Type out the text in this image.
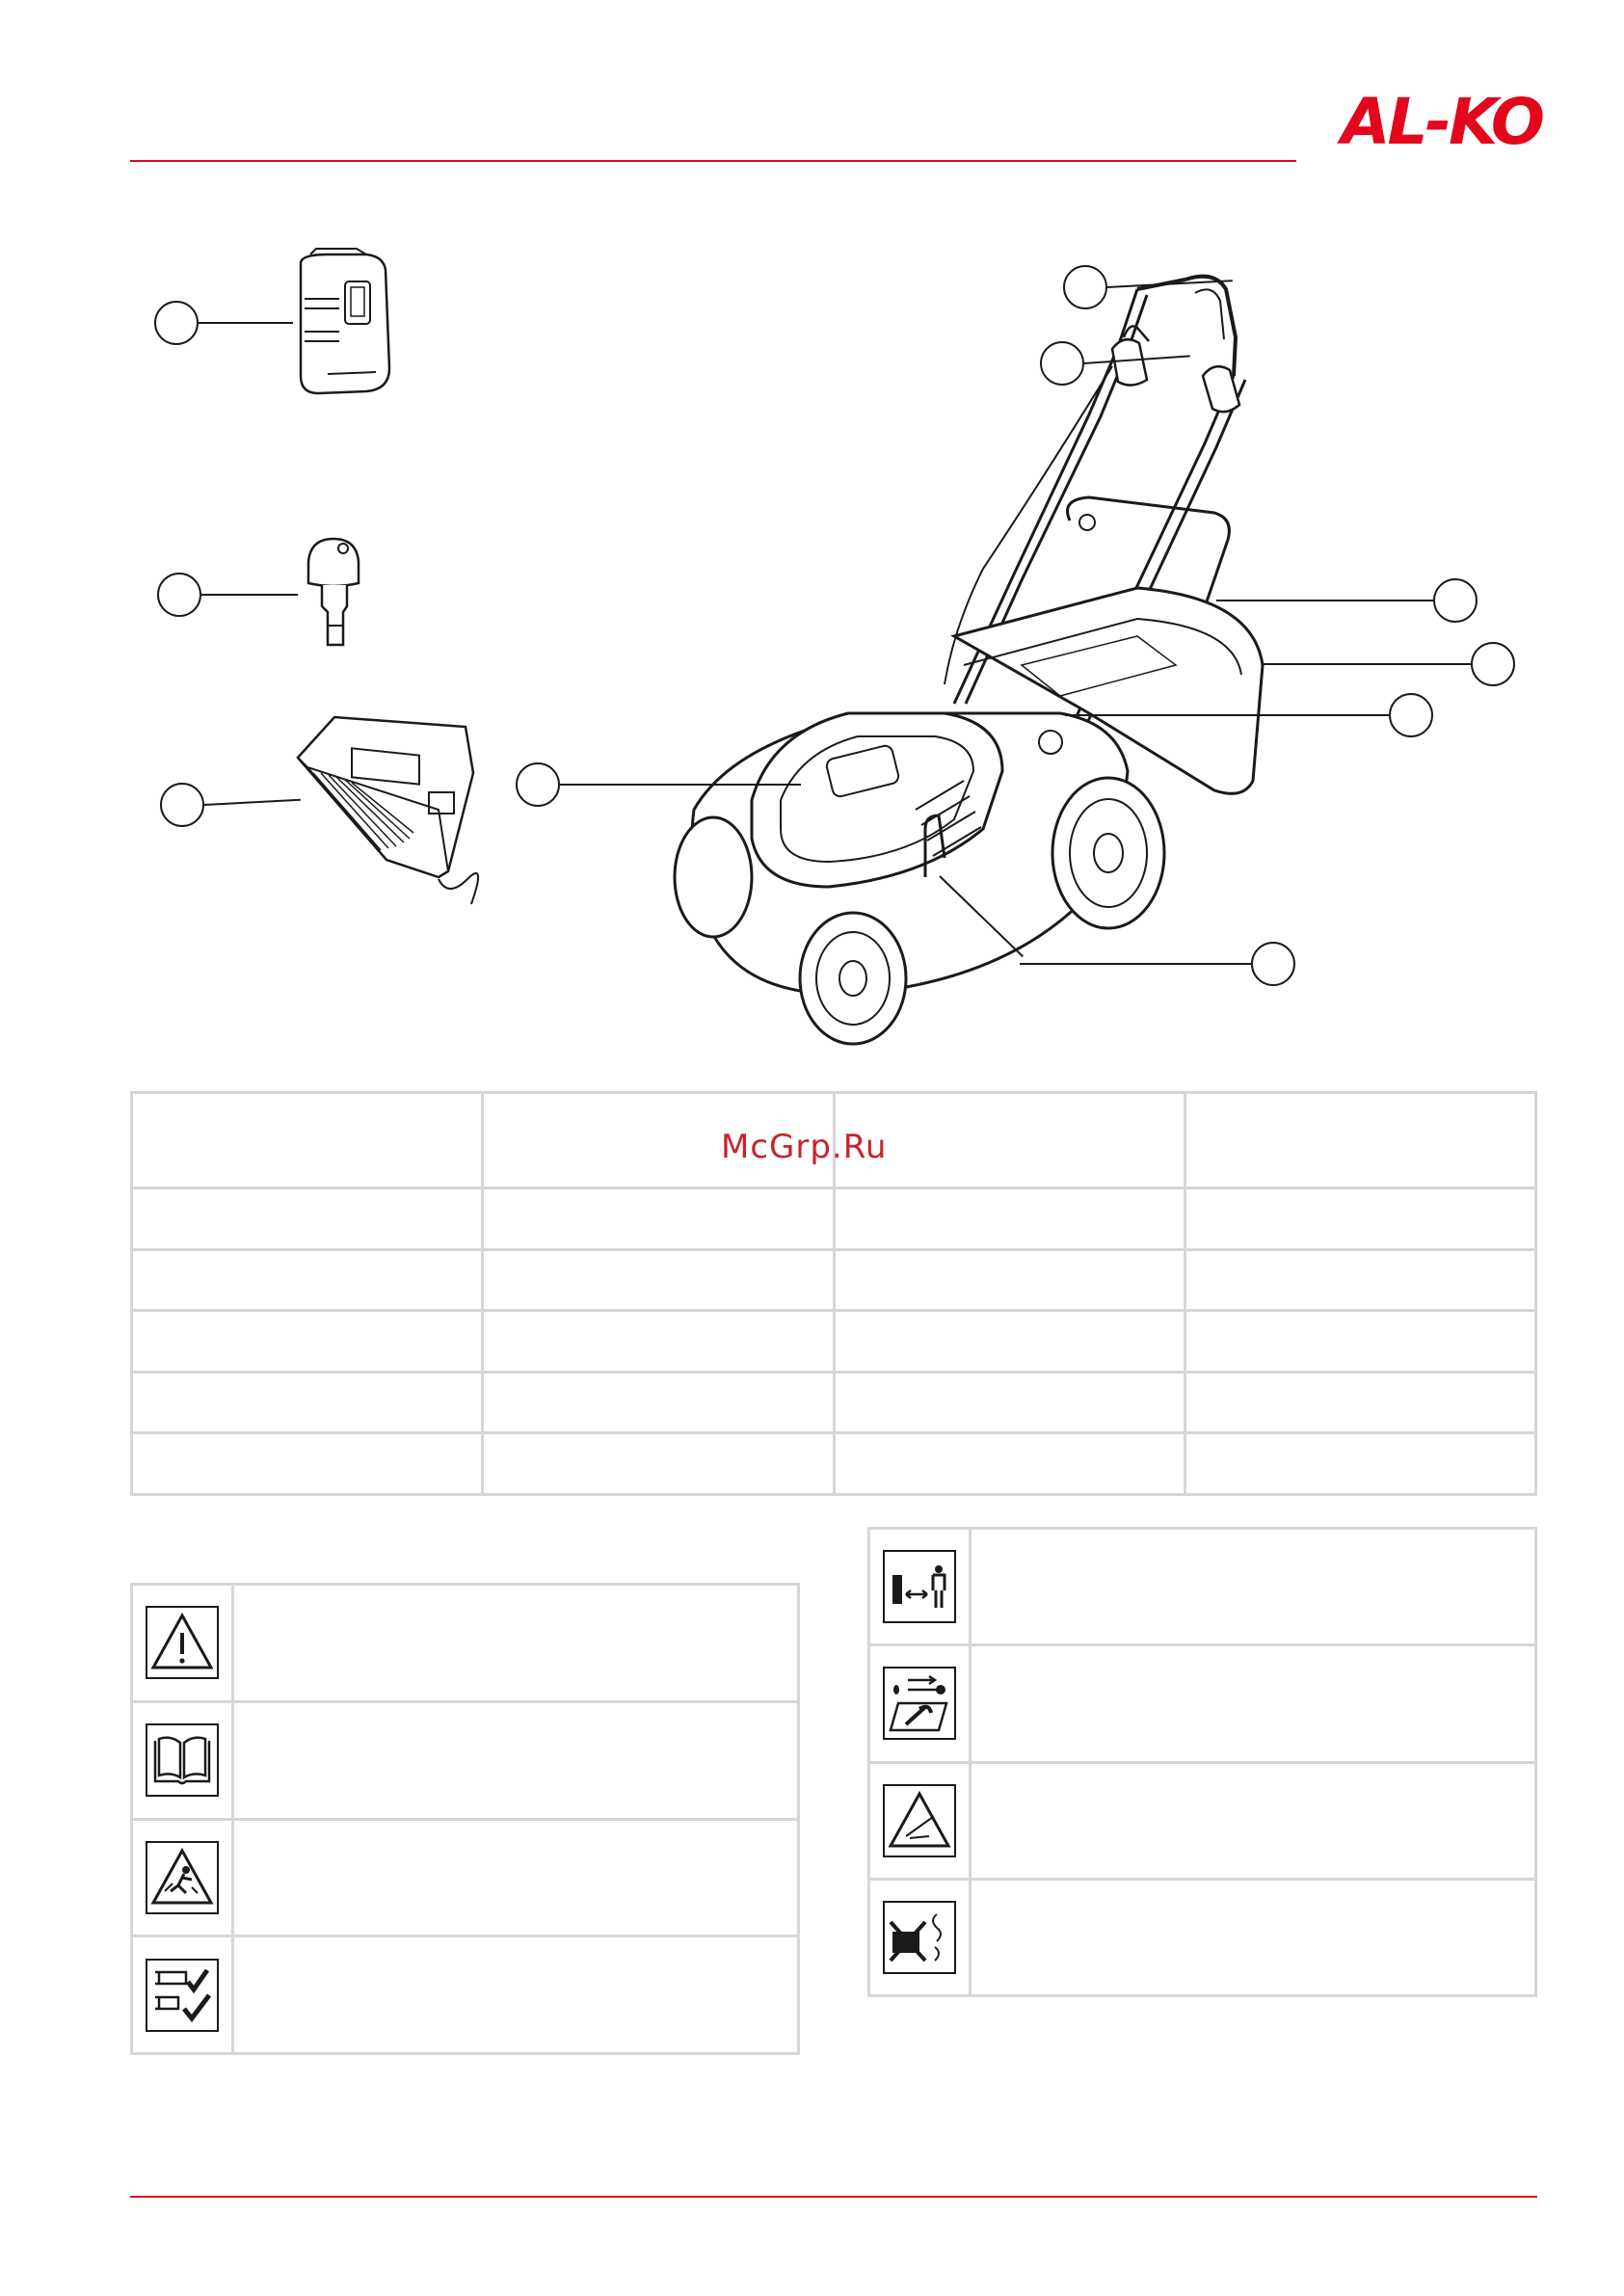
AL-KO

McGrp.Ru
